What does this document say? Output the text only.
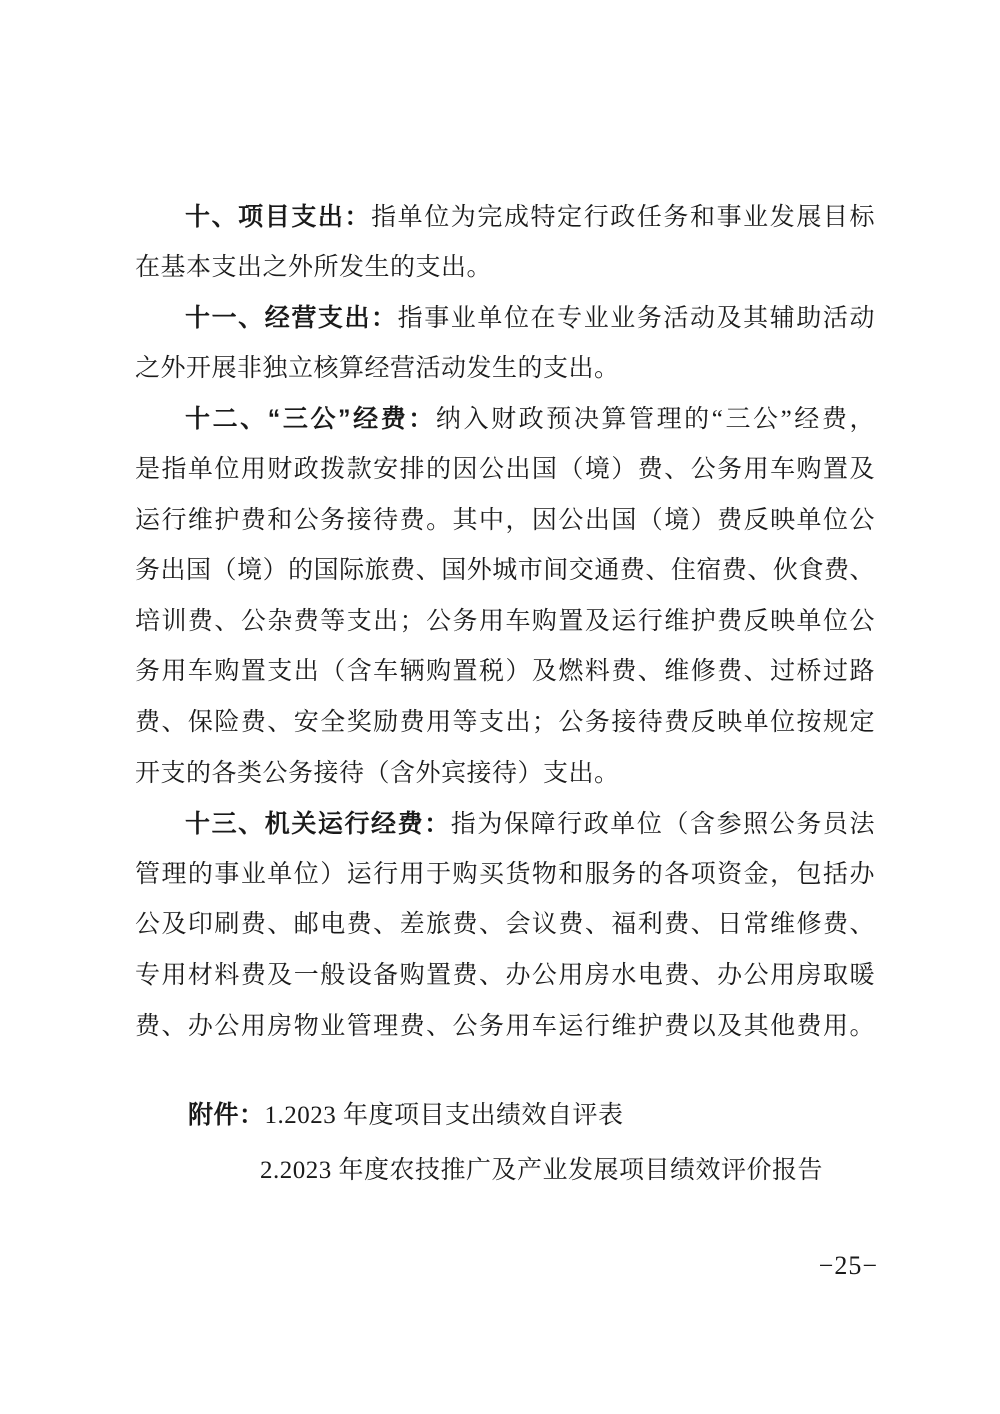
十、项目支出：指单位为完成特定行政任务和事业发展目标
在基本支出之外所发生的支出。
十一、经营支出：指事业单位在专业业务活动及其辅助活动
之外开展非独立核算经营活动发生的支出。
十二、“三公”经费：纳入财政预决算管理的“三公”经费，
是指单位用财政拨款安排的因公出国（境）费、公务用车购置及
运行维护费和公务接待费。其中，因公出国（境）费反映单位公
务出国（境）的国际旅费、国外城市间交通费、住宿费、伙食费、
培训费、公杂费等支出；公务用车购置及运行维护费反映单位公
务用车购置支出（含车辆购置税）及燃料费、维修费、过桥过路
费、保险费、安全奖励费用等支出；公务接待费反映单位按规定
开支的各类公务接待（含外宾接待）支出。
十三、机关运行经费：指为保障行政单位（含参照公务员法
管理的事业单位）运行用于购买货物和服务的各项资金，包括办
公及印刷费、邮电费、差旅费、会议费、福利费、日常维修费、
专用材料费及一般设备购置费、办公用房水电费、办公用房取暖
费、办公用房物业管理费、公务用车运行维护费以及其他费用。
附件：1.2023 年度项目支出绩效自评表
2.2023 年度农技推广及产业发展项目绩效评价报告
−25−
